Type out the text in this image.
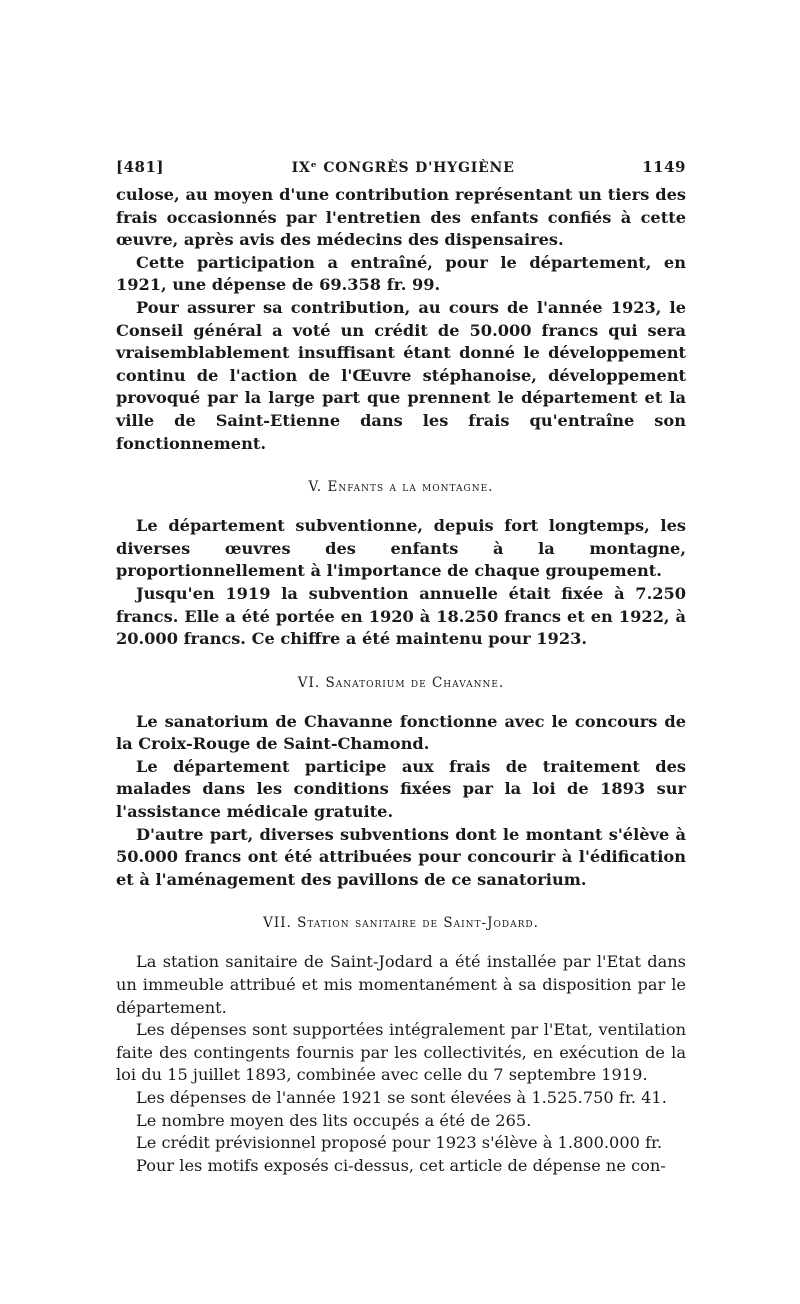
[481]	IXᵉ CONGRÈS D'HYGIÈNE	1149

culose, au moyen d'une contribution représentant un tiers des frais occasionnés par l'entretien des enfants confiés à cette œuvre, après avis des médecins des dispensaires.

Cette participation a entraîné, pour le département, en 1921, une dépense de 69.358 fr. 99.

Pour assurer sa contribution, au cours de l'année 1923, le Conseil général a voté un crédit de 50.000 francs qui sera vraisemblablement insuffisant étant donné le développement continu de l'action de l'Œuvre stéphanoise, développement provoqué par la large part que prennent le département et la ville de Saint-Etienne dans les frais qu'entraîne son fonctionnement.

V. Enfants a la montagne.

Le département subventionne, depuis fort longtemps, les diverses œuvres des enfants à la montagne, proportionnellement à l'importance de chaque groupement.

Jusqu'en 1919 la subvention annuelle était fixée à 7.250 francs. Elle a été portée en 1920 à 18.250 francs et en 1922, à 20.000 francs. Ce chiffre a été maintenu pour 1923.

VI. Sanatorium de Chavanne.

Le sanatorium de Chavanne fonctionne avec le concours de la Croix-Rouge de Saint-Chamond.

Le département participe aux frais de traitement des malades dans les conditions fixées par la loi de 1893 sur l'assistance médicale gratuite.

D'autre part, diverses subventions dont le montant s'élève à 50.000 francs ont été attribuées pour concourir à l'édification et à l'aménagement des pavillons de ce sanatorium.

VII. Station sanitaire de Saint-Jodard.

La station sanitaire de Saint-Jodard a été installée par l'Etat dans un immeuble attribué et mis momentanément à sa disposition par le département.

Les dépenses sont supportées intégralement par l'Etat, ventilation faite des contingents fournis par les collectivités, en exécution de la loi du 15 juillet 1893, combinée avec celle du 7 septembre 1919.

Les dépenses de l'année 1921 se sont élevées à 1.525.750 fr. 41.

Le nombre moyen des lits occupés a été de 265.

Le crédit prévisionnel proposé pour 1923 s'élève à 1.800.000 fr.

Pour les motifs exposés ci-dessus, cet article de dépense ne con-
